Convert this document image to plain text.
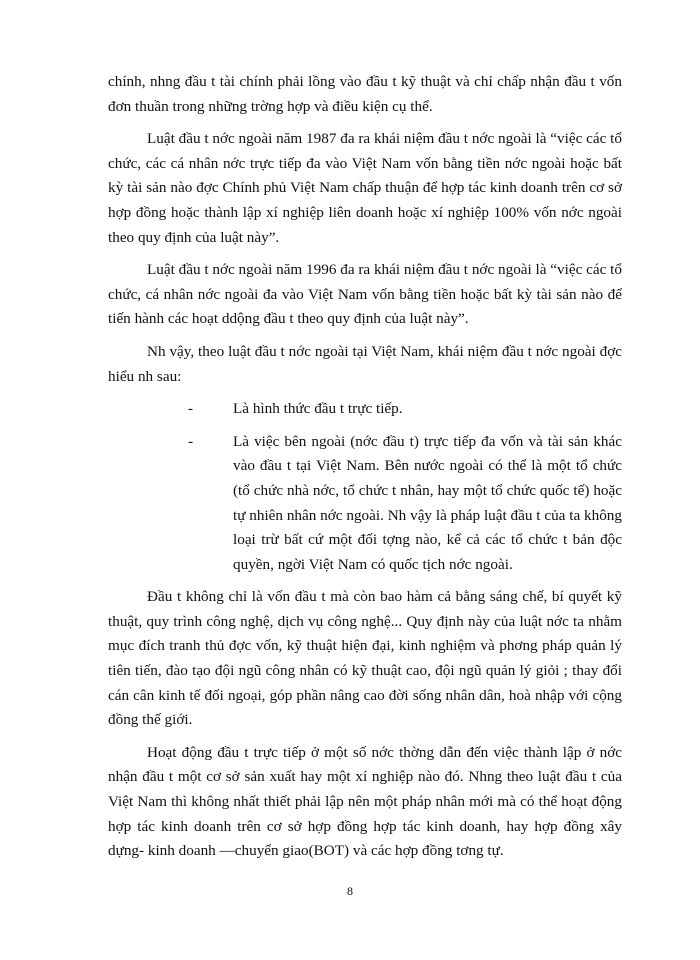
chính, nhng đầu t tài chính phải lồng vào đầu t kỹ thuật và chỉ chấp nhận đầu t vốn đơn thuần trong những trờng hợp và điều kiện cụ thể.

Luật đầu t nớc ngoài năm 1987 đa ra khái niệm đầu t nớc ngoài là “việc các tổ chức, các cá nhân nớc trực tiếp đa vào Việt Nam vốn bằng tiền nớc ngoài hoặc bất kỳ tài sản nào đợc Chính phủ Việt Nam chấp thuận để hợp tác kinh doanh trên cơ sở hợp đồng hoặc thành lập xí nghiệp liên doanh hoặc xí nghiệp 100% vốn nớc ngoài theo quy định của luật này”.

Luật đầu t nớc ngoài năm 1996 đa ra khái niệm đầu t nớc ngoài là “việc các tổ chức, cá nhân nớc ngoài đa vào Việt Nam vốn bằng tiền hoặc bất kỳ tài sản nào để tiến hành các hoạt ddộng đầu t theo quy định của luật này”.

Nh vậy, theo luật đầu t nớc ngoài tại Việt Nam, khái niệm đầu t nớc ngoài đợc hiểu nh sau:

-	Là hình thức đầu t trực tiếp.

-	Là việc bên ngoài (nớc đầu t) trực tiếp đa vốn và tài sản khác vào đầu t tại Việt Nam. Bên nước ngoài có thể là một tổ chức (tổ chức nhà nớc, tổ chức t nhân, hay một tổ chức quốc tế) hoặc tự nhiên nhân nớc ngoài. Nh vậy là pháp luật đầu t của ta không loại trừ bất cứ một đối tợng nào, kể cả các tổ chức t bản độc quyền, ngời Việt Nam có quốc tịch nớc ngoài.

Đầu t không chỉ là vốn đầu t mà còn bao hàm cả bằng sáng chế, bí quyết kỹ thuật, quy trình công nghệ, dịch vụ công nghệ... Quy định này của luật nớc ta nhằm mục đích tranh thủ đợc vốn, kỹ thuật hiện đại, kinh nghiệm và phơng pháp quản lý tiên tiến, đào tạo đội ngũ công nhân có kỹ thuật cao, đội ngũ quản lý giỏi ; thay đổi cán cân kinh tế đối ngoại, góp phần nâng cao đời sống nhân dân, hoà nhập với cộng đồng thế giới.

Hoạt động đầu t trực tiếp ở một số nớc thờng dẫn đến việc thành lập ở nớc nhận đầu t một cơ sở sản xuất hay một xí nghiệp nào đó. Nhng theo luật đầu t của Việt Nam thì không nhất thiết phải lập nên một pháp nhân mới mà có thể hoạt động hợp tác kinh doanh trên cơ sở hợp đồng hợp tác kinh doanh, hay hợp đồng xây dựng- kinh doanh —chuyển giao(BOT) và các hợp đồng tơng tự.

8
